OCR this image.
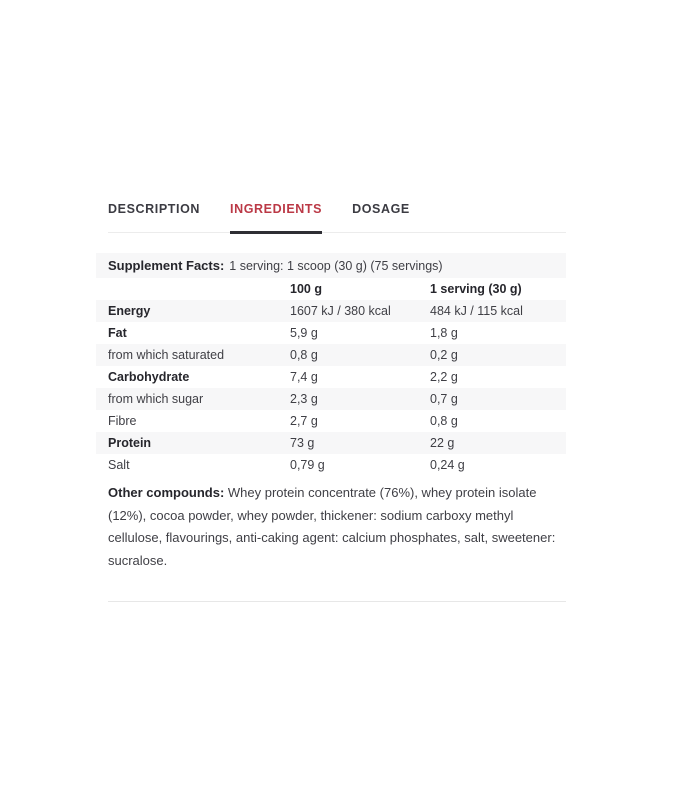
DESCRIPTION INGREDIENTS DOSAGE
Supplement Facts: 1 serving: 1 scoop (30 g) (75 servings)
100 g	1 serving (30 g)
Energy	1607 kJ / 380 kcal	484 kJ / 115 kcal
Fat	5,9 g	1,8 g
from which saturated	0,8 g	0,2 g
Carbohydrate	7,4 g	2,2 g
from which sugar	2,3 g	0,7 g
Fibre	2,7 g	0,8 g
Protein	73 g	22 g
Salt	0,79 g	0,24 g

Other compounds: Whey protein concentrate (76%), whey protein isolate (12%), cocoa powder, whey powder, thickener: sodium carboxy methyl cellulose, flavourings, anti-caking agent: calcium phosphates, salt, sweetener: sucralose.
